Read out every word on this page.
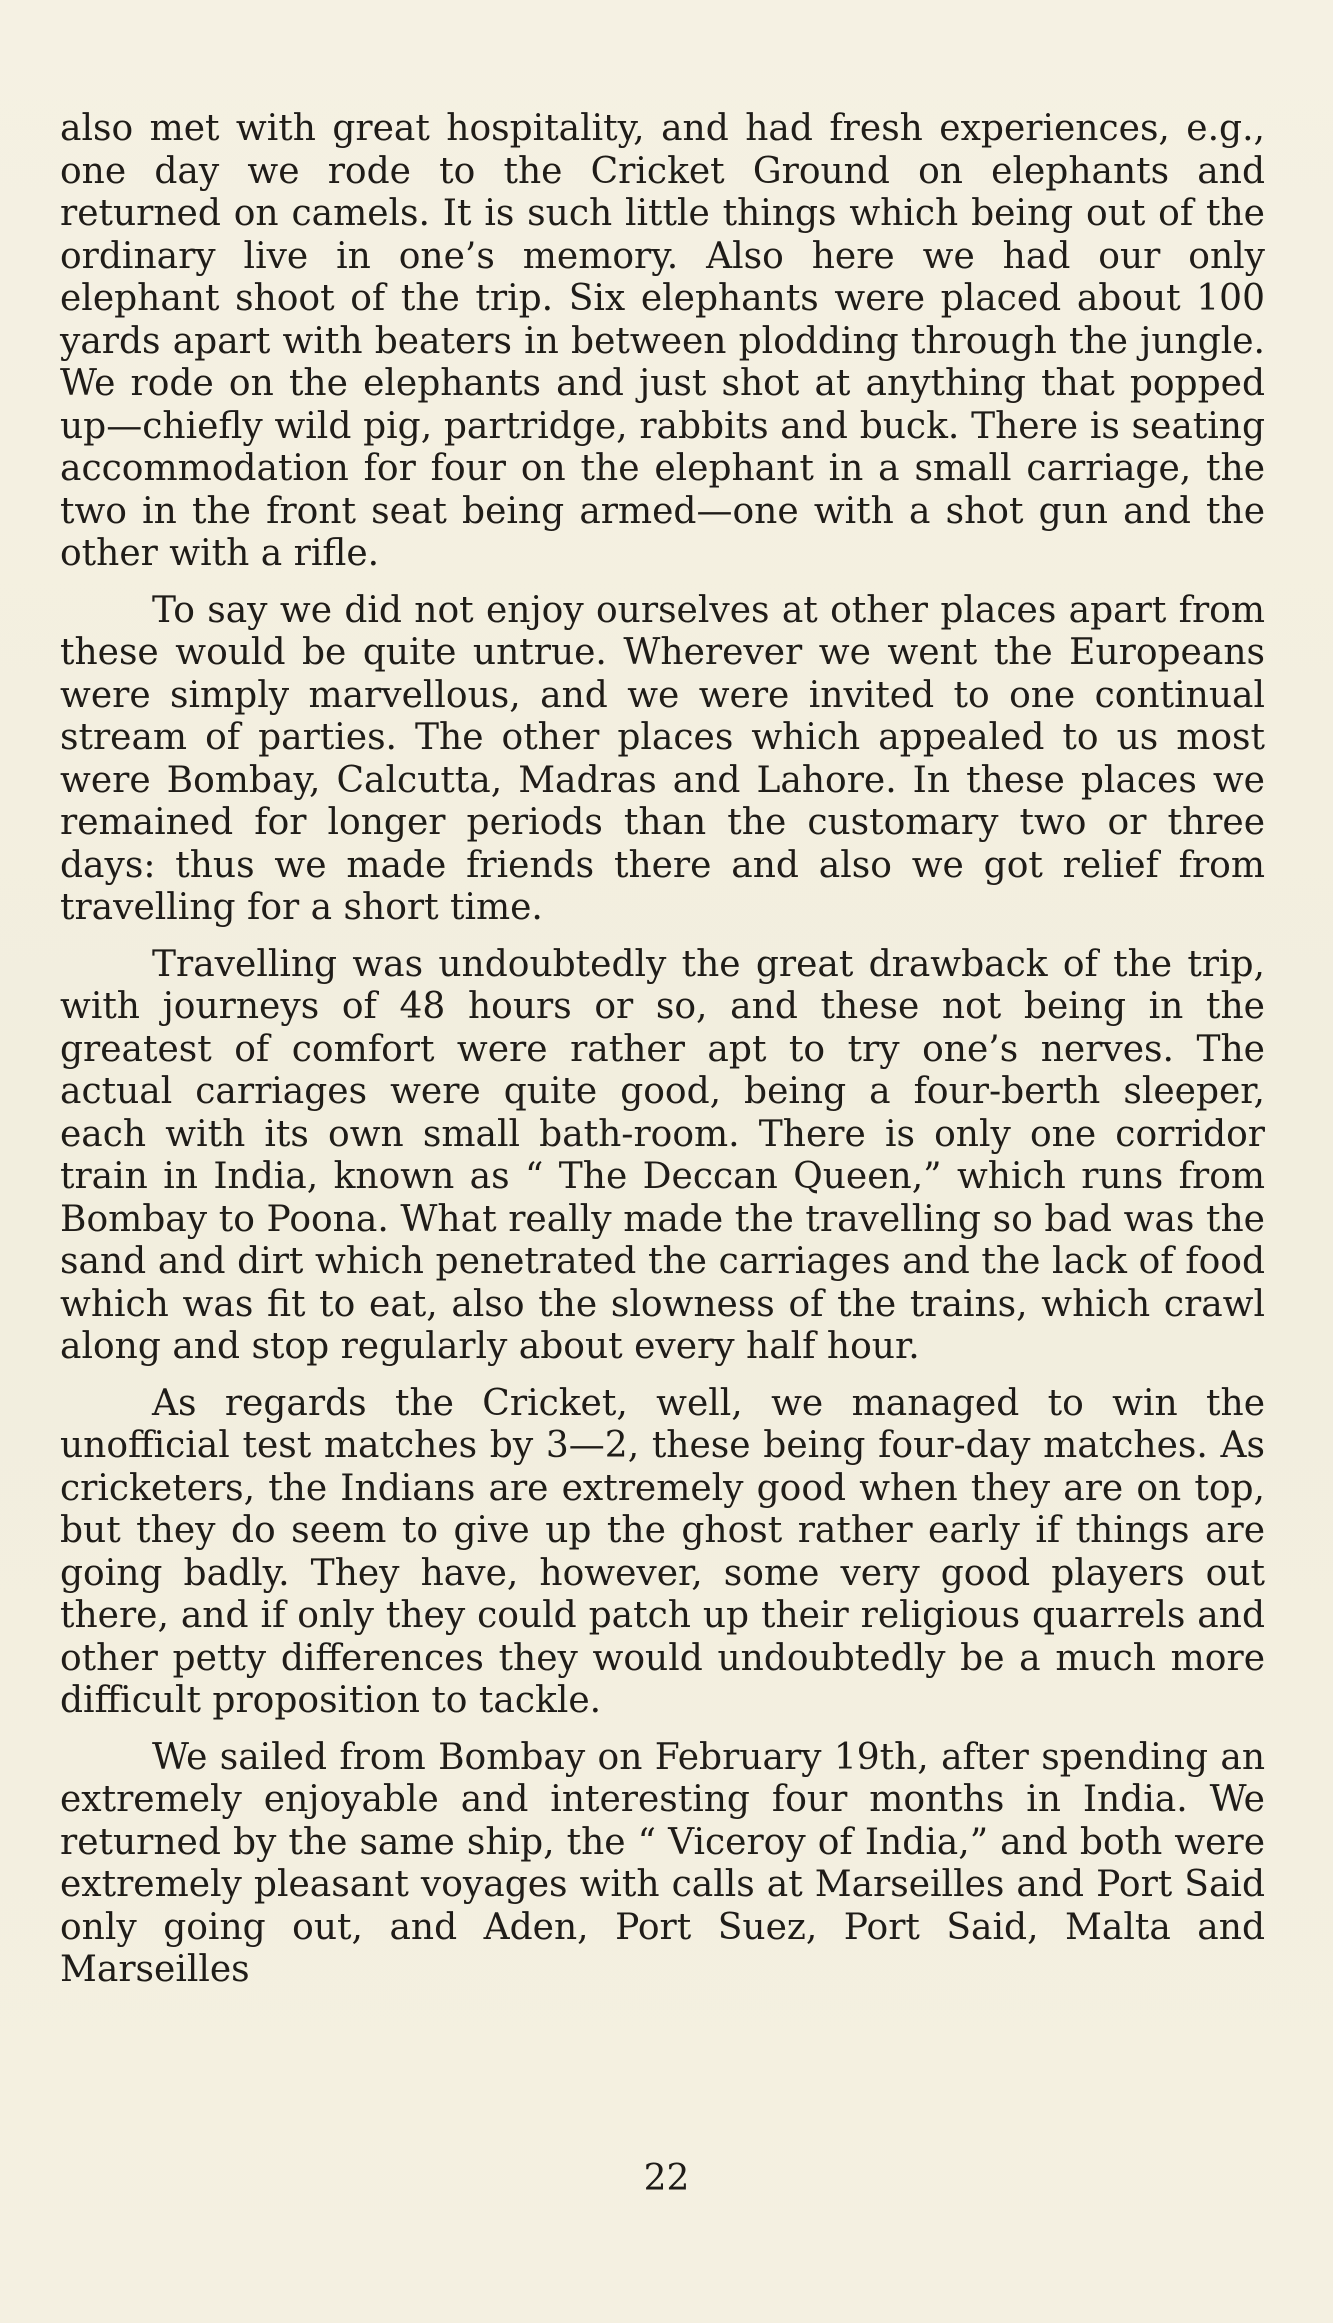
also met with great hospitality, and had fresh experiences, e.g., one day we rode to the Cricket Ground on elephants and returned on camels. It is such little things which being out of the ordinary live in one’s memory. Also here we had our only elephant shoot of the trip. Six elephants were placed about 100 yards apart with beaters in between plodding through the jungle. We rode on the elephants and just shot at anything that popped up—chiefly wild pig, partridge, rabbits and buck. There is seating accommodation for four on the elephant in a small carriage, the two in the front seat being armed—one with a shot gun and the other with a rifle.

To say we did not enjoy ourselves at other places apart from these would be quite untrue. Wherever we went the Europeans were simply marvellous, and we were invited to one continual stream of parties. The other places which appealed to us most were Bombay, Calcutta, Madras and Lahore. In these places we remained for longer periods than the customary two or three days: thus we made friends there and also we got relief from travelling for a short time.

Travelling was undoubtedly the great drawback of the trip, with journeys of 48 hours or so, and these not being in the greatest of comfort were rather apt to try one’s nerves. The actual carriages were quite good, being a four-berth sleeper, each with its own small bath-room. There is only one corridor train in India, known as “ The Deccan Queen,” which runs from Bombay to Poona. What really made the travelling so bad was the sand and dirt which penetrated the carriages and the lack of food which was fit to eat, also the slowness of the trains, which crawl along and stop regularly about every half hour.

As regards the Cricket, well, we managed to win the unofficial test matches by 3—2, these being four-day matches. As cricketers, the Indians are extremely good when they are on top, but they do seem to give up the ghost rather early if things are going badly. They have, however, some very good players out there, and if only they could patch up their religious quarrels and other petty differences they would undoubtedly be a much more difficult proposition to tackle.

We sailed from Bombay on February 19th, after spending an extremely enjoyable and interesting four months in India. We returned by the same ship, the “ Viceroy of India,” and both were extremely pleasant voyages with calls at Marseilles and Port Said only going out, and Aden, Port Suez, Port Said, Malta and Marseilles

22
